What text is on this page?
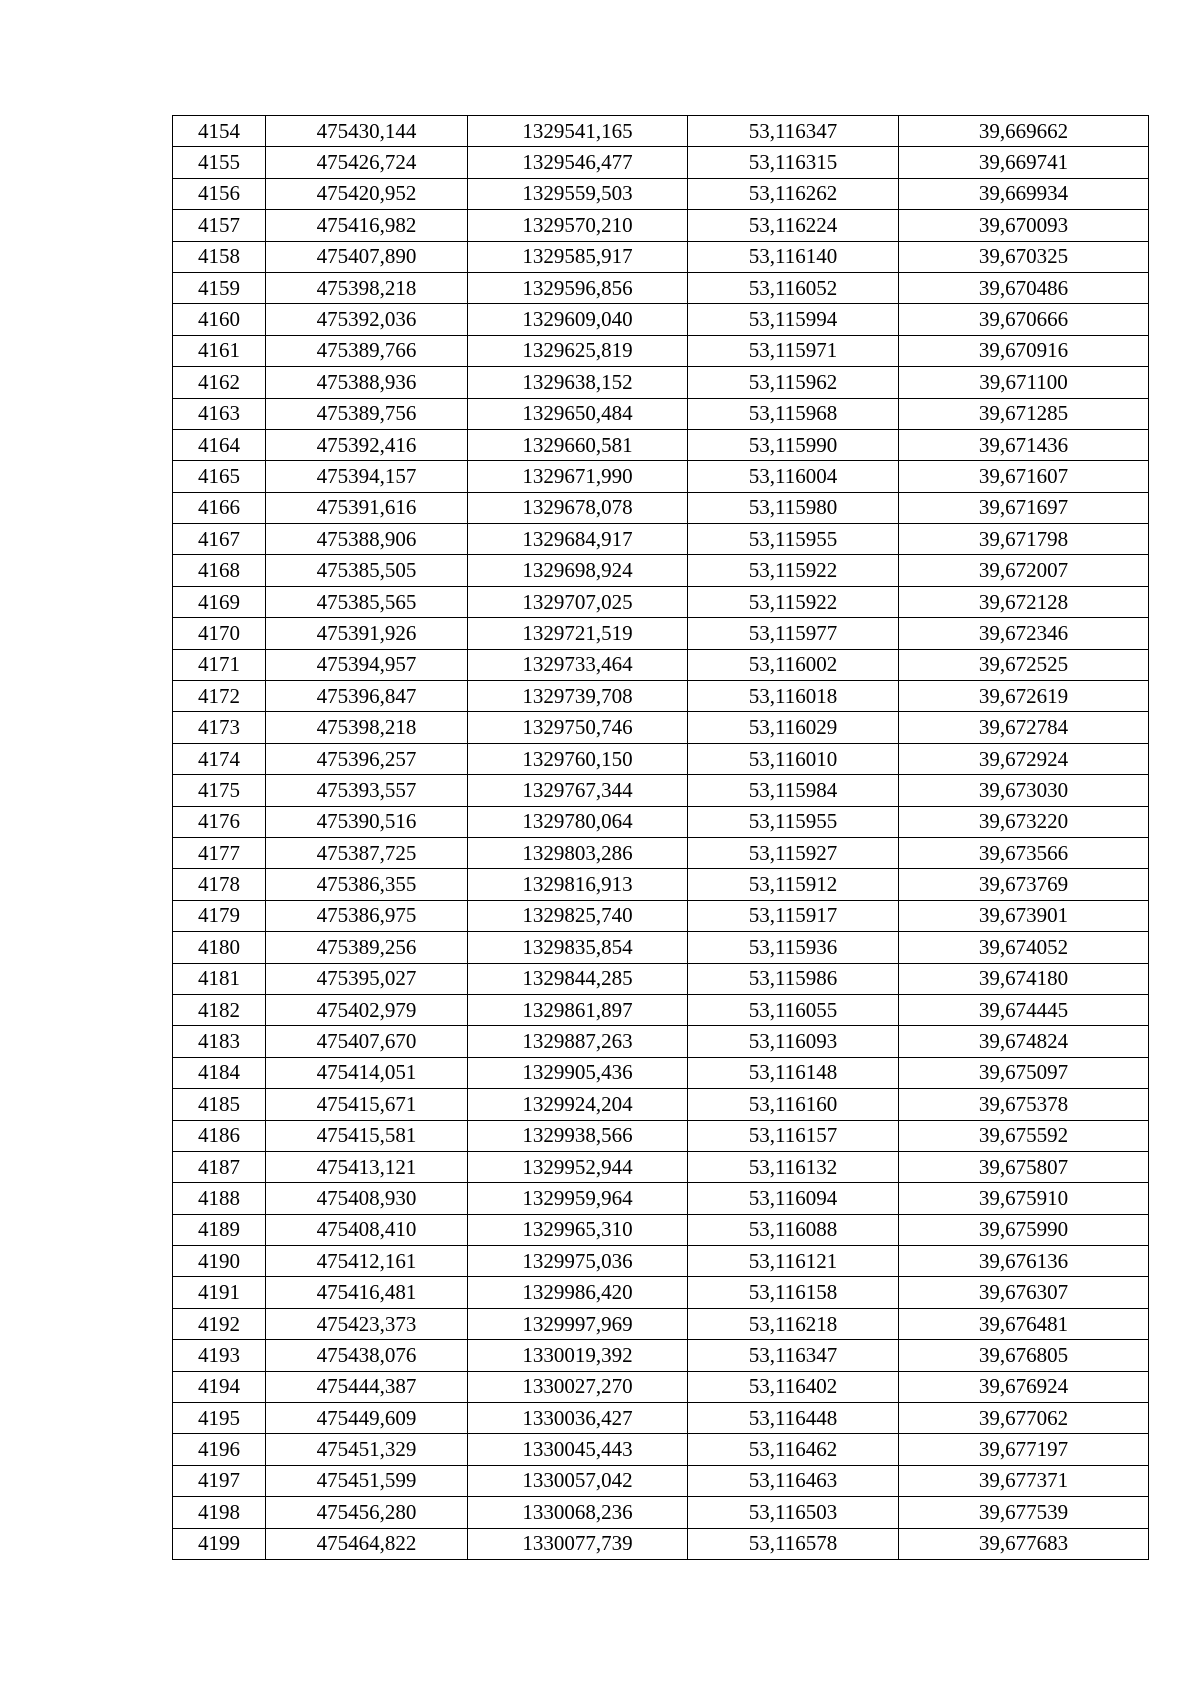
4154	475430,144	1329541,165	53,116347	39,669662
4155	475426,724	1329546,477	53,116315	39,669741
4156	475420,952	1329559,503	53,116262	39,669934
4157	475416,982	1329570,210	53,116224	39,670093
4158	475407,890	1329585,917	53,116140	39,670325
4159	475398,218	1329596,856	53,116052	39,670486
4160	475392,036	1329609,040	53,115994	39,670666
4161	475389,766	1329625,819	53,115971	39,670916
4162	475388,936	1329638,152	53,115962	39,671100
4163	475389,756	1329650,484	53,115968	39,671285
4164	475392,416	1329660,581	53,115990	39,671436
4165	475394,157	1329671,990	53,116004	39,671607
4166	475391,616	1329678,078	53,115980	39,671697
4167	475388,906	1329684,917	53,115955	39,671798
4168	475385,505	1329698,924	53,115922	39,672007
4169	475385,565	1329707,025	53,115922	39,672128
4170	475391,926	1329721,519	53,115977	39,672346
4171	475394,957	1329733,464	53,116002	39,672525
4172	475396,847	1329739,708	53,116018	39,672619
4173	475398,218	1329750,746	53,116029	39,672784
4174	475396,257	1329760,150	53,116010	39,672924
4175	475393,557	1329767,344	53,115984	39,673030
4176	475390,516	1329780,064	53,115955	39,673220
4177	475387,725	1329803,286	53,115927	39,673566
4178	475386,355	1329816,913	53,115912	39,673769
4179	475386,975	1329825,740	53,115917	39,673901
4180	475389,256	1329835,854	53,115936	39,674052
4181	475395,027	1329844,285	53,115986	39,674180
4182	475402,979	1329861,897	53,116055	39,674445
4183	475407,670	1329887,263	53,116093	39,674824
4184	475414,051	1329905,436	53,116148	39,675097
4185	475415,671	1329924,204	53,116160	39,675378
4186	475415,581	1329938,566	53,116157	39,675592
4187	475413,121	1329952,944	53,116132	39,675807
4188	475408,930	1329959,964	53,116094	39,675910
4189	475408,410	1329965,310	53,116088	39,675990
4190	475412,161	1329975,036	53,116121	39,676136
4191	475416,481	1329986,420	53,116158	39,676307
4192	475423,373	1329997,969	53,116218	39,676481
4193	475438,076	1330019,392	53,116347	39,676805
4194	475444,387	1330027,270	53,116402	39,676924
4195	475449,609	1330036,427	53,116448	39,677062
4196	475451,329	1330045,443	53,116462	39,677197
4197	475451,599	1330057,042	53,116463	39,677371
4198	475456,280	1330068,236	53,116503	39,677539
4199	475464,822	1330077,739	53,116578	39,677683
